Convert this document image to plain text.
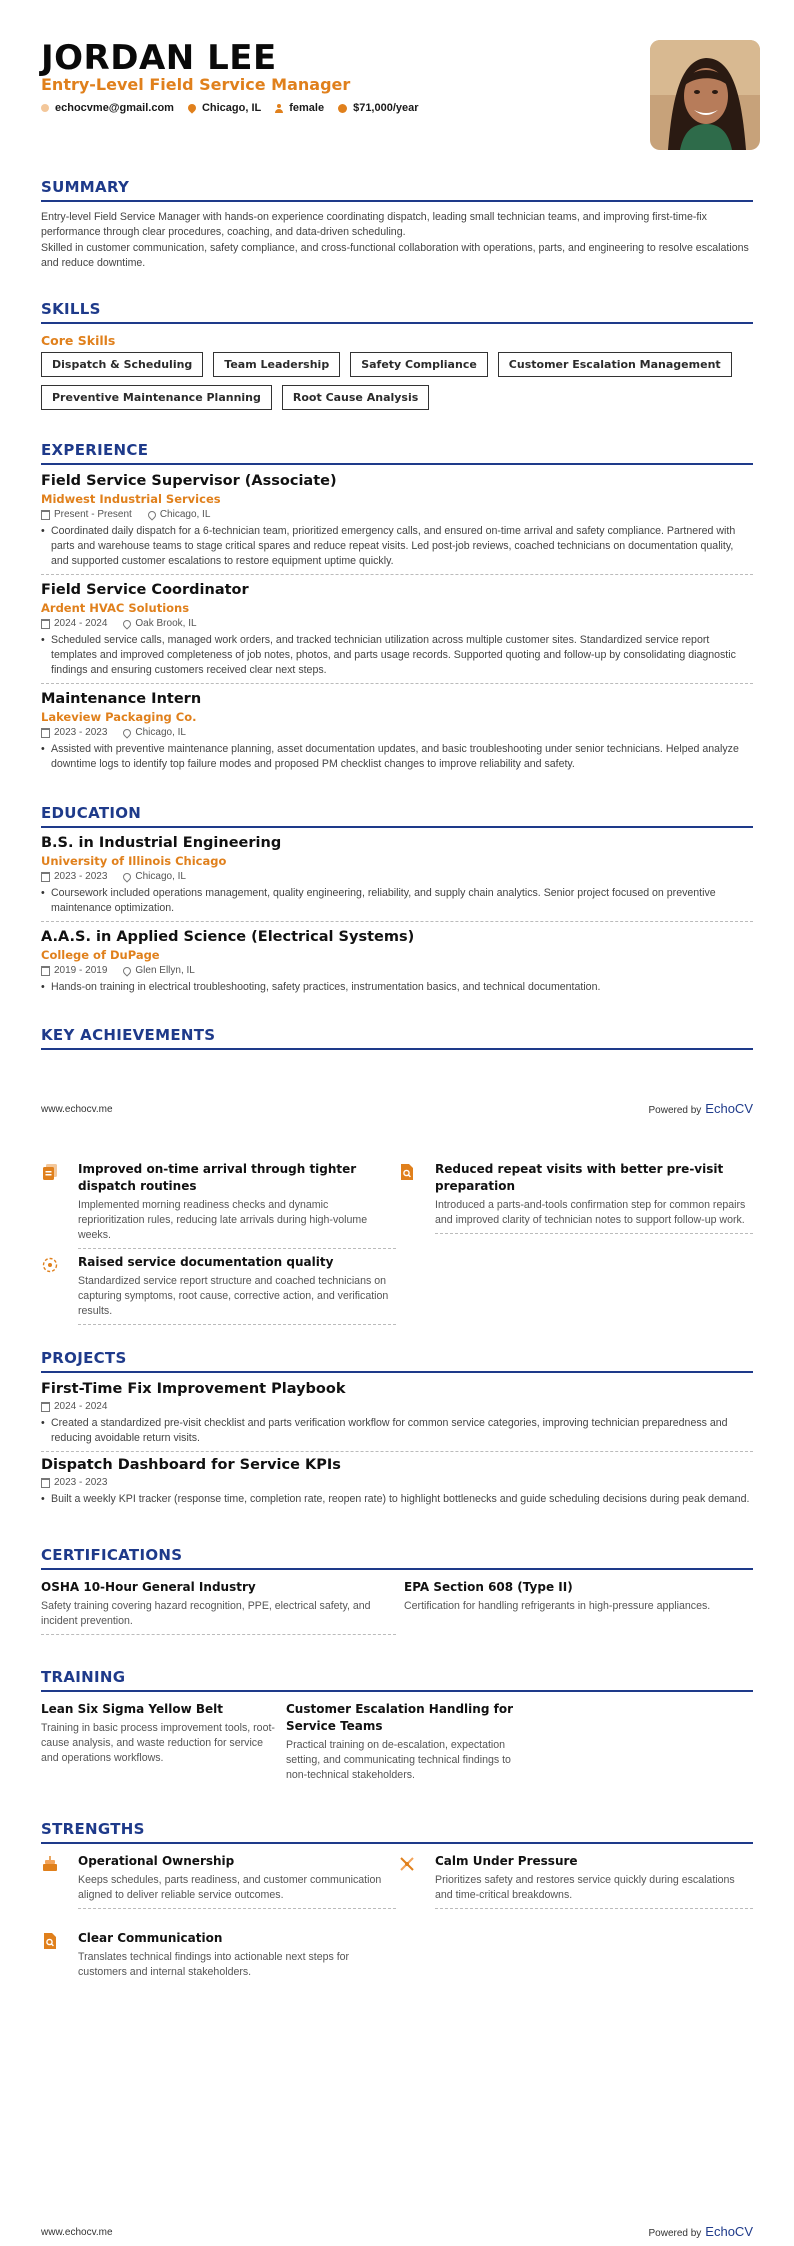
JORDAN LEE
Entry-Level Field Service Manager
echocvme@gmail.com	Chicago, IL	female	$71,000/year
SUMMARY

Entry-level Field Service Manager with hands-on experience coordinating dispatch, leading small technician teams, and improving first-time-fix performance through clear procedures, coaching, and data-driven scheduling.

Skilled in customer communication, safety compliance, and cross-functional collaboration with operations, parts, and engineering to resolve escalations and reduce downtime.

SKILLS
Core Skills
Dispatch & Scheduling	Team Leadership	Safety Compliance	Customer Escalation Management
Preventive Maintenance Planning	Root Cause Analysis
EXPERIENCE
Field Service Supervisor (Associate)
Midwest Industrial Services
Present - Present	Chicago, IL
• Coordinated daily dispatch for a 6-technician team, prioritized emergency calls, and ensured on-time arrival and safety compliance. Partnered with parts and warehouse teams to stage critical spares and reduce repeat visits. Led post-job reviews, coached technicians on documentation quality, and supported customer escalations to restore equipment uptime quickly.
Field Service Coordinator
Ardent HVAC Solutions
2024 - 2024	Oak Brook, IL
• Scheduled service calls, managed work orders, and tracked technician utilization across multiple customer sites. Standardized service report templates and improved completeness of job notes, photos, and parts usage records. Supported quoting and follow-up by consolidating diagnostic findings and ensuring customers received clear next steps.
Maintenance Intern
Lakeview Packaging Co.
2023 - 2023	Chicago, IL
• Assisted with preventive maintenance planning, asset documentation updates, and basic troubleshooting under senior technicians. Helped analyze downtime logs to identify top failure modes and proposed PM checklist changes to improve reliability and safety.
EDUCATION
B.S. in Industrial Engineering
University of Illinois Chicago
2023 - 2023	Chicago, IL
• Coursework included operations management, quality engineering, reliability, and supply chain analytics. Senior project focused on preventive maintenance optimization.
A.A.S. in Applied Science (Electrical Systems)
College of DuPage
2019 - 2019	Glen Ellyn, IL
• Hands-on training in electrical troubleshooting, safety practices, instrumentation basics, and technical documentation.
KEY ACHIEVEMENTS
www.echocv.me	Powered by EchoCV
Improved on-time arrival through tighter dispatch routines
Implemented morning readiness checks and dynamic reprioritization rules, reducing late arrivals during high-volume weeks.
Reduced repeat visits with better pre-visit preparation
Introduced a parts-and-tools confirmation step for common repairs and improved clarity of technician notes to support follow-up work.
Raised service documentation quality
Standardized service report structure and coached technicians on capturing symptoms, root cause, corrective action, and verification results.
PROJECTS
First-Time Fix Improvement Playbook
2024 - 2024
• Created a standardized pre-visit checklist and parts verification workflow for common service categories, improving technician preparedness and reducing avoidable return visits.
Dispatch Dashboard for Service KPIs
2023 - 2023
• Built a weekly KPI tracker (response time, completion rate, reopen rate) to highlight bottlenecks and guide scheduling decisions during peak demand.
CERTIFICATIONS
OSHA 10-Hour General Industry
Safety training covering hazard recognition, PPE, electrical safety, and incident prevention.
EPA Section 608 (Type II)
Certification for handling refrigerants in high-pressure appliances.
TRAINING
Lean Six Sigma Yellow Belt
Training in basic process improvement tools, root-cause analysis, and waste reduction for service and operations workflows.
Customer Escalation Handling for Service Teams
Practical training on de-escalation, expectation setting, and communicating technical findings to non-technical stakeholders.
STRENGTHS
Operational Ownership
Keeps schedules, parts readiness, and customer communication aligned to deliver reliable service outcomes.
Calm Under Pressure
Prioritizes safety and restores service quickly during escalations and time-critical breakdowns.
Clear Communication
Translates technical findings into actionable next steps for customers and internal stakeholders.
www.echocv.me	Powered by EchoCV
